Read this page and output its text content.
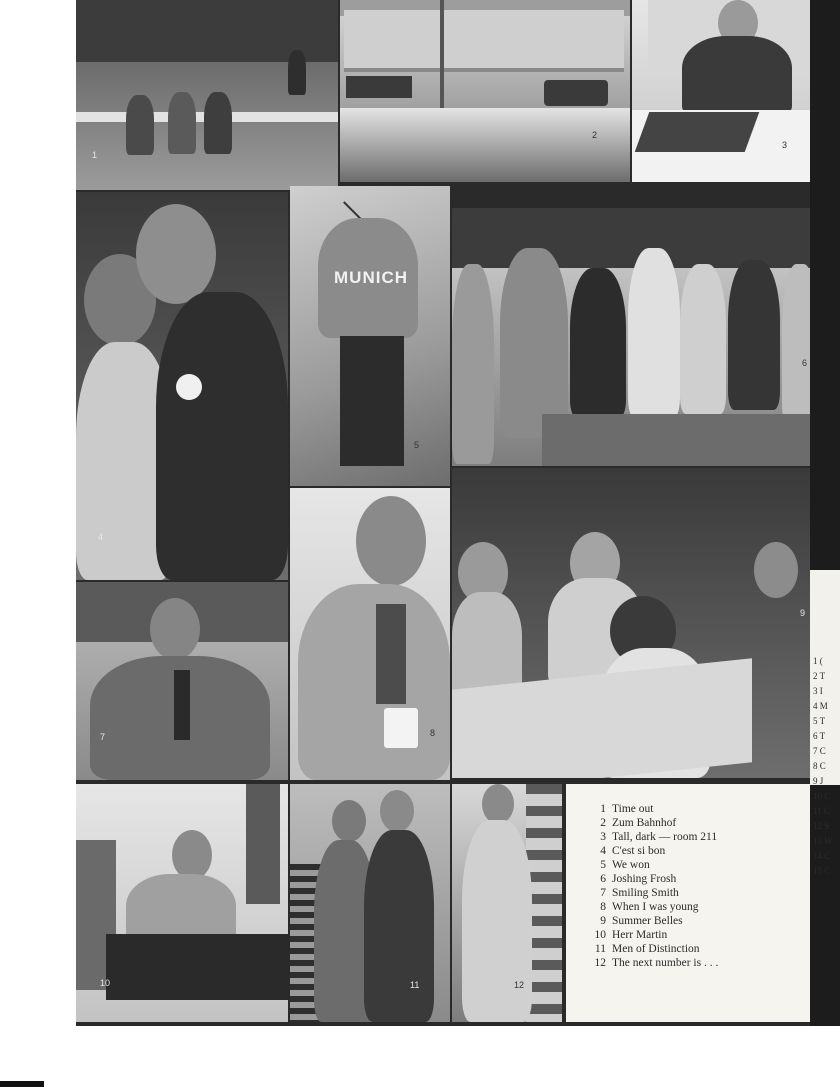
1
2
3
4
MUNICH
5
6
7	8
9
10	11	12
1 Time out
2 Zum Bahnhof
3 Tall, dark — room 211
4 C'est si bon
5 We won
6 Joshing Frosh
7 Smiling Smith
8 When I was young
9 Summer Belles
10 Herr Martin
11 Men of Distinction
12 The next number is . . .
1 (
2 T
3 I
4 M
5 T
6 T
7 C
8 C
9 J
10 C
11 C
12 S
13 W
14 C
15 C
